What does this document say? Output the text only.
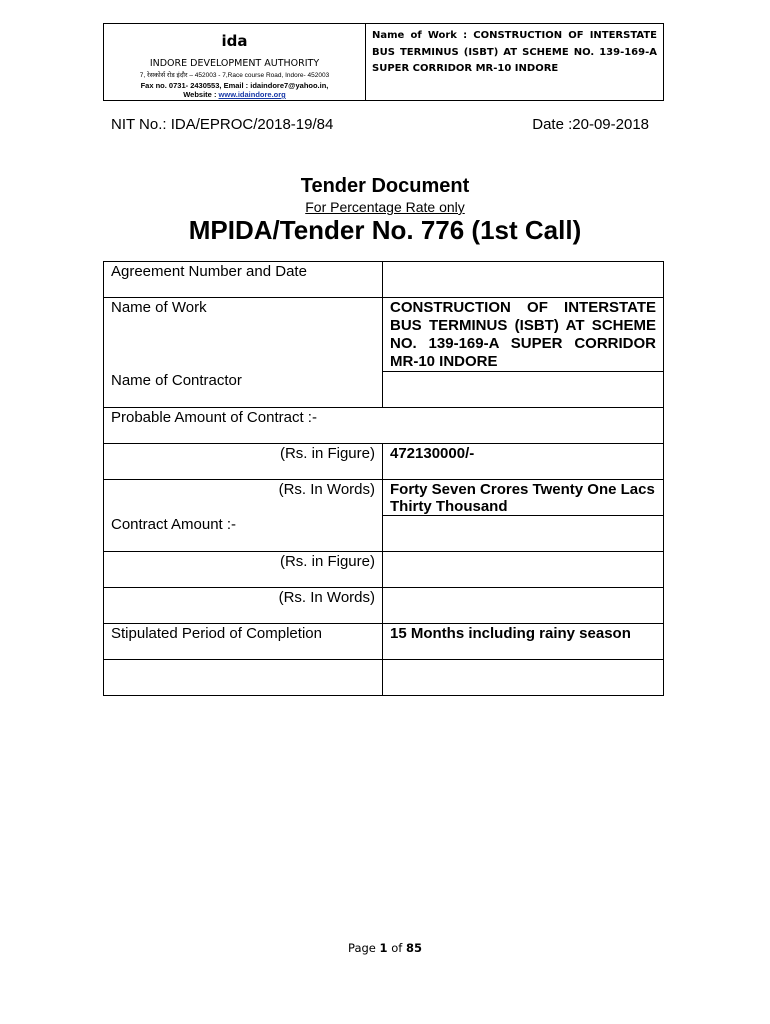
ida
INDORE DEVELOPMENT AUTHORITY
7, रेसकोर्स रोड इंदौर – 452003 - 7,Race course Road, Indore- 452003
Fax no. 0731- 2430553, Email : idaindore7@yahoo.in,
Website : www.idaindore.org
Name of Work : CONSTRUCTION OF INTERSTATE BUS TERMINUS (ISBT) AT SCHEME NO. 139-169-A SUPER CORRIDOR MR-10 INDORE
NIT No.: IDA/EPROC/2018-19/84	Date :20-09-2018
Tender Document
For Percentage Rate only
MPIDA/Tender No. 776 (1st Call)
Agreement Number and Date	
Name of Work	CONSTRUCTION OF INTERSTATE
BUS TERMINUS (ISBT) AT SCHEME
NO. 139-169-A SUPER CORRIDOR
MR-10 INDORE

Name of Contractor	
Probable Amount of Contract :-	
(Rs. in Figure)	472130000/-
(Rs. In Words)	Forty Seven Crores Twenty One Lacs Thirty Thousand
Contract Amount :-	
(Rs. in Figure)	
(Rs. In Words)	
Stipulated Period of Completion	15 Months including rainy season

Page 1 of 85
